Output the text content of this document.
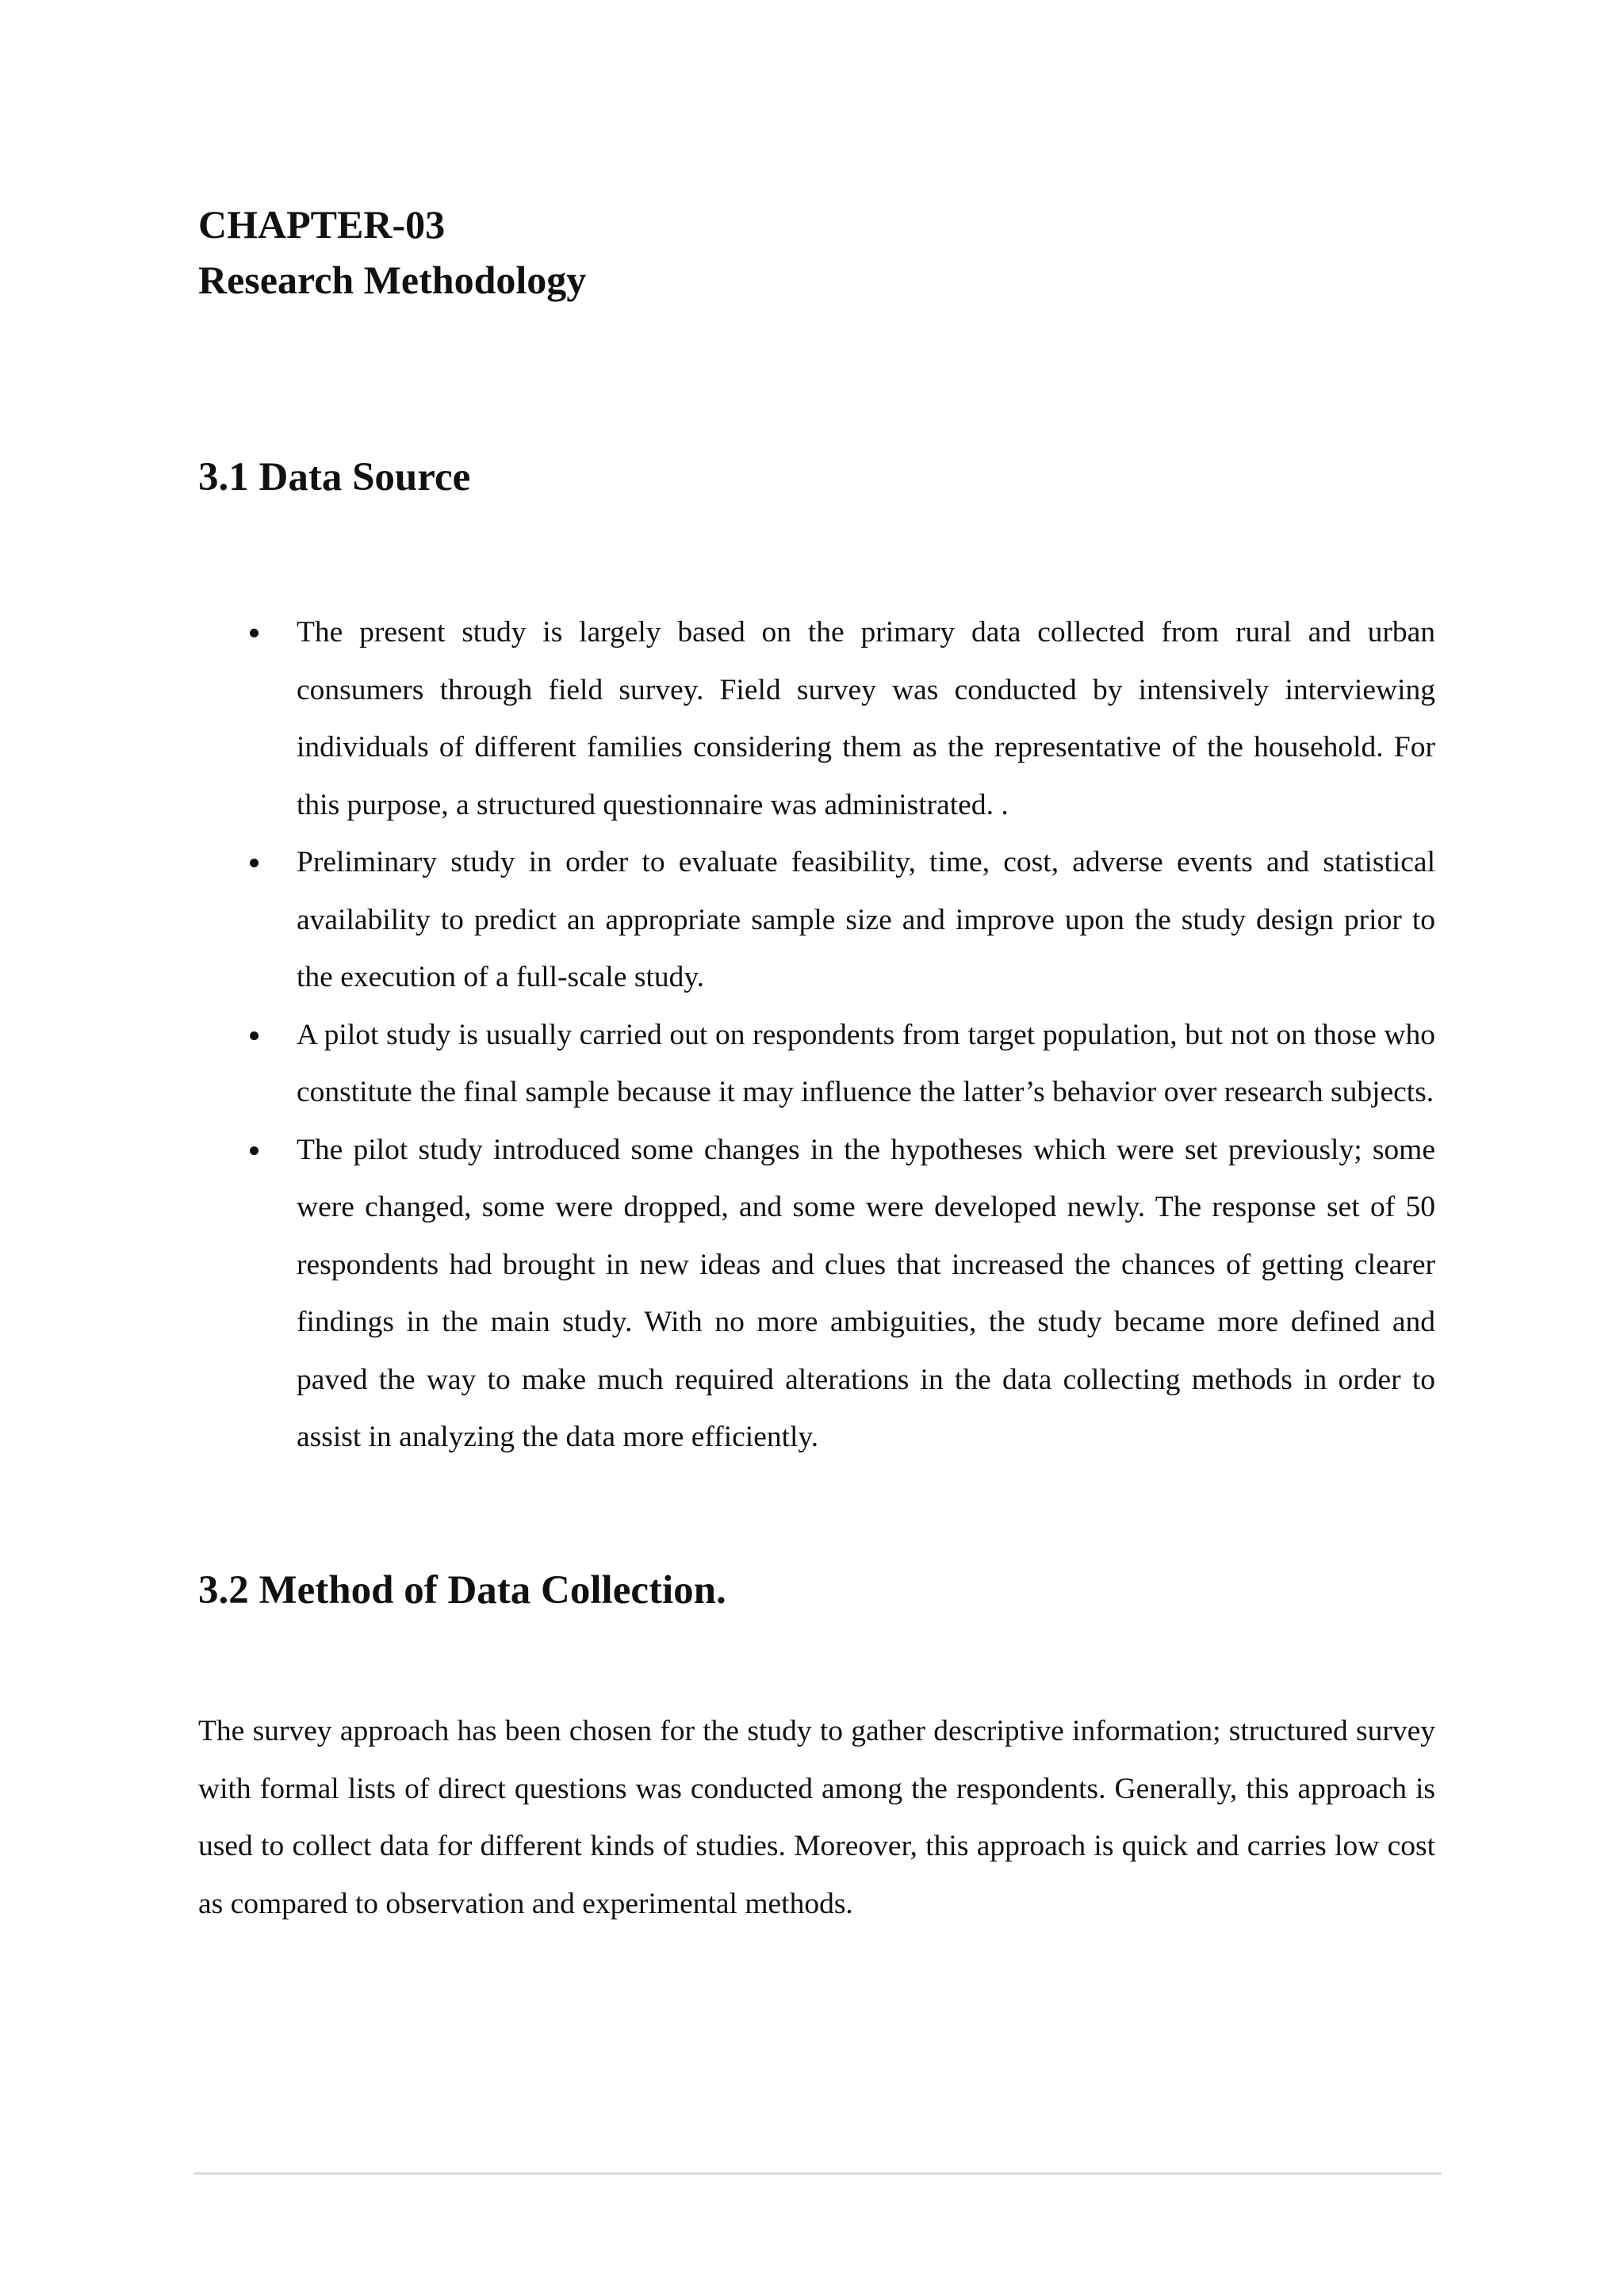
CHAPTER-03
Research Methodology
3.1 Data Source
The present study is largely based on the primary data collected from rural and urban consumers through field survey. Field survey was conducted by intensively interviewing individuals of different families considering them as the representative of the household. For this purpose, a structured questionnaire was administrated. .
Preliminary study in order to evaluate feasibility, time, cost, adverse events and statistical availability to predict an appropriate sample size and improve upon the study design prior to the execution of a full-scale study.
A pilot study is usually carried out on respondents from target population, but not on those who constitute the final sample because it may influence the latter’s behavior over research subjects.
The pilot study introduced some changes in the hypotheses which were set previously; some were changed, some were dropped, and some were developed newly. The response set of 50 respondents had brought in new ideas and clues that increased the chances of getting clearer findings in the main study. With no more ambiguities, the study became more defined and paved the way to make much required alterations in the data collecting methods in order to assist in analyzing the data more efficiently.
3.2 Method of Data Collection.

The survey approach has been chosen for the study to gather descriptive information; structured survey with formal lists of direct questions was conducted among the respondents. Generally, this approach is used to collect data for different kinds of studies. Moreover, this approach is quick and carries low cost as compared to observation and experimental methods.
